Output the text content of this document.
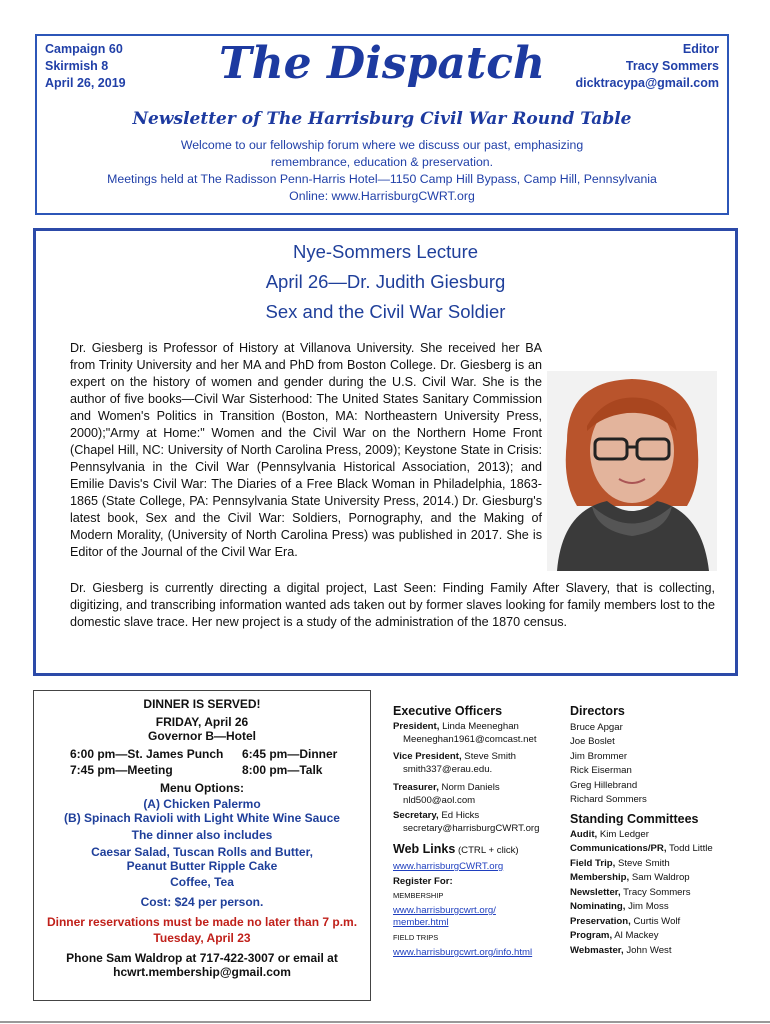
Campaign 60
Skirmish 8
April 26, 2019	The Dispatch	Editor
Tracy Sommers
dicktracypa@gmail.com
Newsletter of The Harrisburg Civil War Round Table
Welcome to our fellowship forum where we discuss our past, emphasizing
remembrance, education & preservation.
Meetings held at The Radisson Penn-Harris Hotel—1150 Camp Hill Bypass, Camp Hill, Pennsylvania
Online: www.HarrisburgCWRT.org
Nye-Sommers Lecture
April 26—Dr. Judith Giesburg
Sex and the Civil War Soldier
Dr. Giesberg is Professor of History at Villanova University. She received her BA from Trinity University and her MA and PhD from Boston College. Dr. Giesberg is an expert on the history of women and gender during the U.S. Civil War. She is the author of five books—Civil War Sisterhood: The United States Sanitary Commission and Women's Politics in Transition (Boston, MA: Northeastern University Press, 2000);"Army at Home:" Women and the Civil War on the Northern Home Front (Chapel Hill, NC: University of North Carolina Press, 2009); Keystone State in Crisis: Pennsylvania in the Civil War (Pennsylvania Historical Association, 2013); and Emilie Davis's Civil War: The Diaries of a Free Black Woman in Philadelphia, 1863-1865 (State College, PA: Pennsylvania State University Press, 2014.) Dr. Giesburg's latest book, Sex and the Civil War: Soldiers, Pornography, and the Making of Modern Morality, (University of North Carolina Press) was published in 2017. She is Editor of the Journal of the Civil War Era.
Dr. Giesberg is currently directing a digital project, Last Seen: Finding Family After Slavery, that is collecting, digitizing, and transcribing information wanted ads taken out by former slaves looking for family members lost to the domestic slave trace. Her new project is a study of the administration of the 1870 census.
DINNER IS SERVED!
FRIDAY, April 26
Governor B—Hotel
6:00 pm—St. James Punch 6:45 pm—Dinner
7:45 pm—Meeting	8:00 pm—Talk
Menu Options:
(A) Chicken Palermo
(B) Spinach Ravioli with Light White Wine Sauce
The dinner also includes
Caesar Salad, Tuscan Rolls and Butter,
Peanut Butter Ripple Cake
Coffee, Tea
Cost: $24 per person.
Dinner reservations must be made no later than 7 p.m.
Tuesday, April 23
Phone Sam Waldrop at 717-422-3007 or email at
hcwrt.membership@gmail.com
Executive Officers
President, Linda Meeneghan
Meeneghan1961@comcast.net
Vice President, Steve Smith
smith337@erau.edu.
Treasurer, Norm Daniels
nld500@aol.com
Secretary, Ed Hicks
secretary@harrisburgCWRT.org
Web Links (CTRL + click)
www.harrisburgCWRT.org
Register For:
MEMBERSHIP
www.harrisburgcwrt.org/
member.html
FIELD TRIPS
www.harrisburgcwrt.org/info.html
Directors
Bruce Apgar
Joe Boslet
Jim Brommer
Rick Eiserman
Greg Hillebrand
Richard Sommers
Standing Committees
Audit, Kim Ledger
Communications/PR, Todd Little
Field Trip, Steve Smith
Membership, Sam Waldrop
Newsletter, Tracy Sommers
Nominating, Jim Moss
Preservation, Curtis Wolf
Program, Al Mackey
Webmaster, John West
